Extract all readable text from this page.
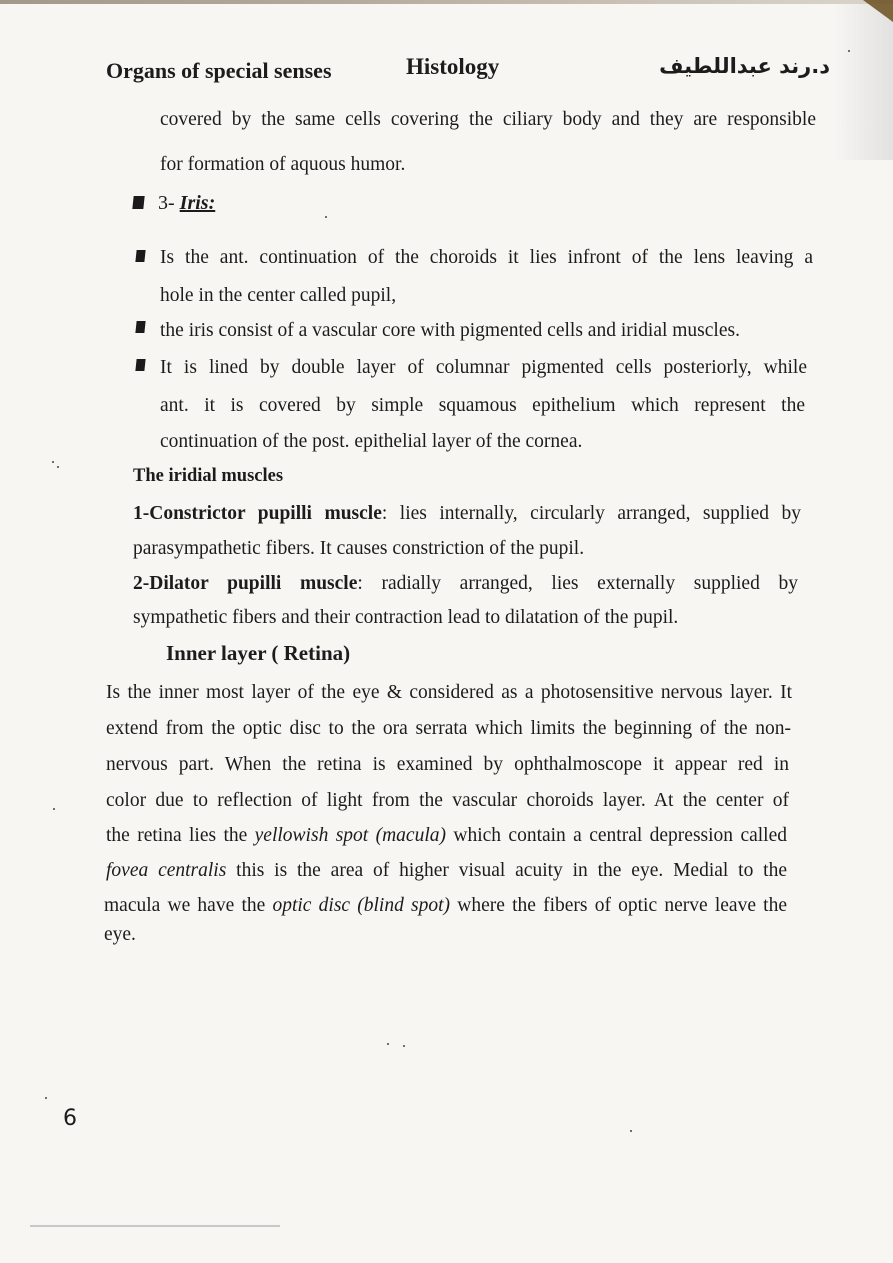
Organs of special senses	Histology	د.رند عبداللطيف
covered by the same cells covering the ciliary body and they are responsible
for formation of aquous humor.
3- Iris:
Is the ant. continuation of the choroids it lies infront of the lens leaving a
hole in the center called pupil,
the iris consist of a vascular core with pigmented cells and iridial muscles.
It is lined by double layer of columnar pigmented cells posteriorly, while
ant. it is covered by simple squamous epithelium which represent the
continuation of the post. epithelial layer of the cornea.
The iridial muscles
1-Constrictor pupilli muscle: lies internally, circularly arranged, supplied by
parasympathetic fibers. It causes constriction of the pupil.
2-Dilator pupilli muscle: radially arranged, lies externally supplied by
sympathetic fibers and their contraction lead to dilatation of the pupil.
Inner layer ( Retina)
Is the inner most layer of the eye & considered as a photosensitive nervous layer. It
extend from the optic disc to the ora serrata which limits the beginning of the non-
nervous part. When the retina is examined by ophthalmoscope it appear red in
color due to reflection of light from the vascular choroids layer. At the center of
the retina lies the yellowish spot (macula) which contain a central depression called
fovea centralis this is the area of higher visual acuity in the eye. Medial to the
macula we have the optic disc (blind spot) where the fibers of optic nerve leave the
eye.
6
